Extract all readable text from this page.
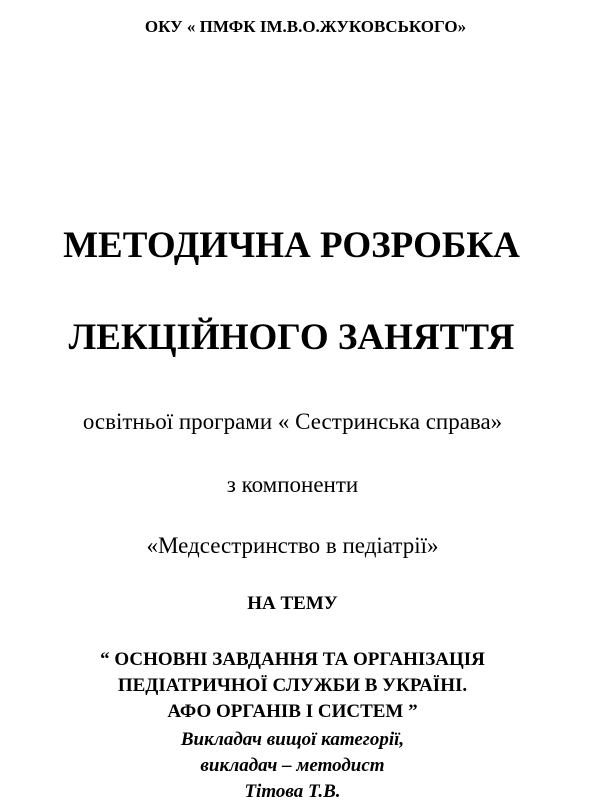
ОКУ « ПМФК ІМ.В.О.ЖУКОВСЬКОГО»
МЕТОДИЧНА РОЗРОБКА
ЛЕКЦІЙНОГО ЗАНЯТТЯ
освітньої програми « Сестринська справа»
з компоненти
«Медсестринство в педіатрії»
НА ТЕМУ
“ ОСНОВНІ ЗАВДАННЯ ТА ОРГАНІЗАЦІЯ
ПЕДІАТРИЧНОЇ СЛУЖБИ В УКРАЇНІ.
АФО ОРГАНІВ І СИСТЕМ ”
Викладач вищої категорії,
викладач – методист
Тітова Т.В.
